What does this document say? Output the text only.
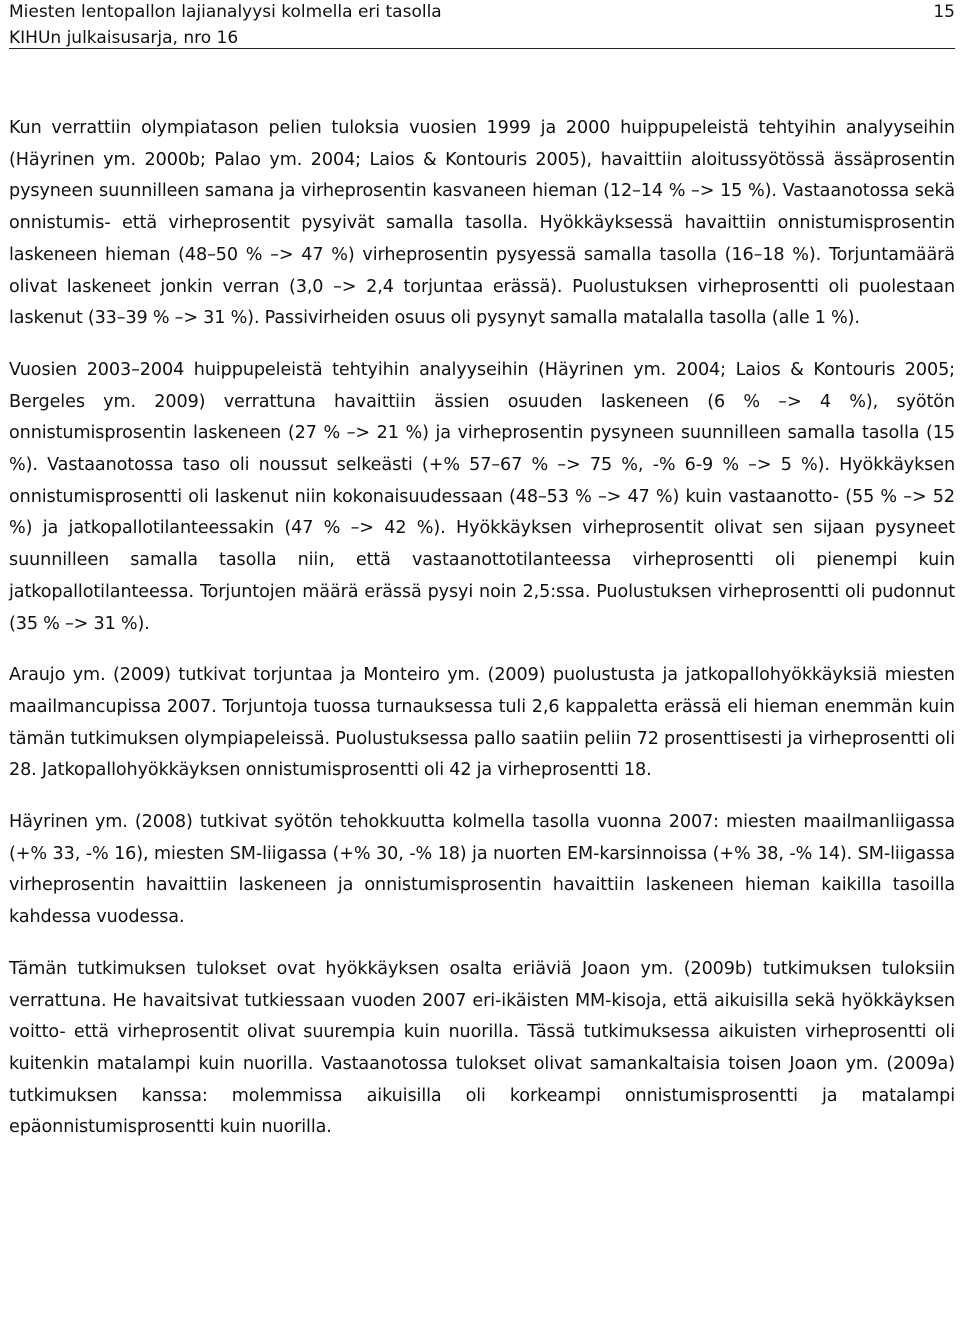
Miesten lentopallon lajianalyysi kolmella eri tasolla
KIHUn julkaisusarja, nro 16
15

Kun verrattiin olympiatason pelien tuloksia vuosien 1999 ja 2000 huippupeleistä tehtyihin analyyseihin (Häyrinen ym. 2000b; Palao ym. 2004; Laios & Kontouris 2005), havaittiin aloitussyötössä ässäprosentin pysyneen suunnilleen samana ja virheprosentin kasvaneen hieman (12–14 % –> 15 %). Vastaanotossa sekä onnistumis- että virheprosentit pysyivät samalla tasolla. Hyökkäyksessä havaittiin onnistumisprosentin laskeneen hieman (48–50 % –> 47 %) virheprosentin pysyessä samalla tasolla (16–18 %). Torjuntamäärä olivat laskeneet jonkin verran (3,0 –> 2,4 torjuntaa erässä). Puolustuksen virheprosentti oli puolestaan laskenut (33–39 % –> 31 %). Passivirheiden osuus oli pysynyt samalla matalalla tasolla (alle 1 %).

Vuosien 2003–2004 huippupeleistä tehtyihin analyyseihin (Häyrinen ym. 2004; Laios & Kontouris 2005; Bergeles ym. 2009) verrattuna havaittiin ässien osuuden laskeneen (6 % –> 4 %), syötön onnistumisprosentin laskeneen (27 % –> 21 %) ja virheprosentin pysyneen suunnilleen samalla tasolla (15 %). Vastaanotossa taso oli noussut selkeästi (+% 57–67 % –> 75 %, -% 6-9 % –> 5 %). Hyökkäyksen onnistumisprosentti oli laskenut niin kokonaisuudessaan (48–53 % –> 47 %) kuin vastaanotto- (55 % –> 52 %) ja jatkopallotilanteessakin (47 % –> 42 %). Hyökkäyksen virheprosentit olivat sen sijaan pysyneet suunnilleen samalla tasolla niin, että vastaanottotilanteessa virheprosentti oli pienempi kuin jatkopallotilanteessa. Torjuntojen määrä erässä pysyi noin 2,5:ssa. Puolustuksen virheprosentti oli pudonnut (35 % –> 31 %).

Araujo ym. (2009) tutkivat torjuntaa ja Monteiro ym. (2009) puolustusta ja jatkopallohyökkäyksiä miesten maailmancupissa 2007. Torjuntoja tuossa turnauksessa tuli 2,6 kappaletta erässä eli hieman enemmän kuin tämän tutkimuksen olympiapeleissä. Puolustuksessa pallo saatiin peliin 72 prosenttisesti ja virheprosentti oli 28. Jatkopallohyökkäyksen onnistumisprosentti oli 42 ja virheprosentti 18.

Häyrinen ym. (2008) tutkivat syötön tehokkuutta kolmella tasolla vuonna 2007: miesten maailmanliigassa (+% 33, -% 16), miesten SM-liigassa (+% 30, -% 18) ja nuorten EM-karsinnoissa (+% 38, -% 14). SM-liigassa virheprosentin havaittiin laskeneen ja onnistumisprosentin havaittiin laskeneen hieman kaikilla tasoilla kahdessa vuodessa.

Tämän tutkimuksen tulokset ovat hyökkäyksen osalta eriäviä Joaon ym. (2009b) tutkimuksen tuloksiin verrattuna. He havaitsivat tutkiessaan vuoden 2007 eri-ikäisten MM-kisoja, että aikuisilla sekä hyökkäyksen voitto- että virheprosentit olivat suurempia kuin nuorilla. Tässä tutkimuksessa aikuisten virheprosentti oli kuitenkin matalampi kuin nuorilla. Vastaanotossa tulokset olivat samankaltaisia toisen Joaon ym. (2009a) tutkimuksen kanssa: molemmissa aikuisilla oli korkeampi onnistumisprosentti ja matalampi epäonnistumisprosentti kuin nuorilla.
